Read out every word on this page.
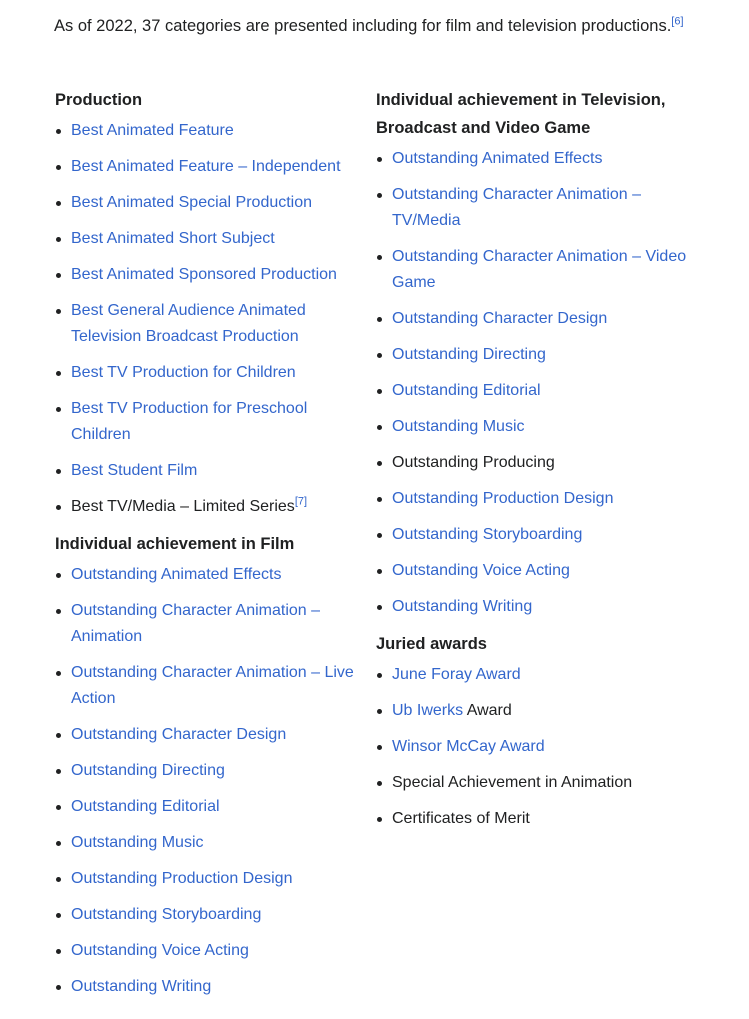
As of 2022, 37 categories are presented including for film and television productions.[6]

Production
Best Animated Feature
Best Animated Feature – Independent
Best Animated Special Production
Best Animated Short Subject
Best Animated Sponsored Production
Best General Audience Animated Television Broadcast Production
Best TV Production for Children
Best TV Production for Preschool Children
Best Student Film
Best TV/Media – Limited Series[7]
Individual achievement in Film
Outstanding Animated Effects
Outstanding Character Animation – Animation
Outstanding Character Animation – Live Action
Outstanding Character Design
Outstanding Directing
Outstanding Editorial
Outstanding Music
Outstanding Production Design
Outstanding Storyboarding
Outstanding Voice Acting
Outstanding Writing
Individual achievement in Television, Broadcast and Video Game
Outstanding Animated Effects
Outstanding Character Animation – TV/Media
Outstanding Character Animation – Video Game
Outstanding Character Design
Outstanding Directing
Outstanding Editorial
Outstanding Music
Outstanding Producing
Outstanding Production Design
Outstanding Storyboarding
Outstanding Voice Acting
Outstanding Writing
Juried awards
June Foray Award
Ub Iwerks Award
Winsor McCay Award
Special Achievement in Animation
Certificates of Merit
